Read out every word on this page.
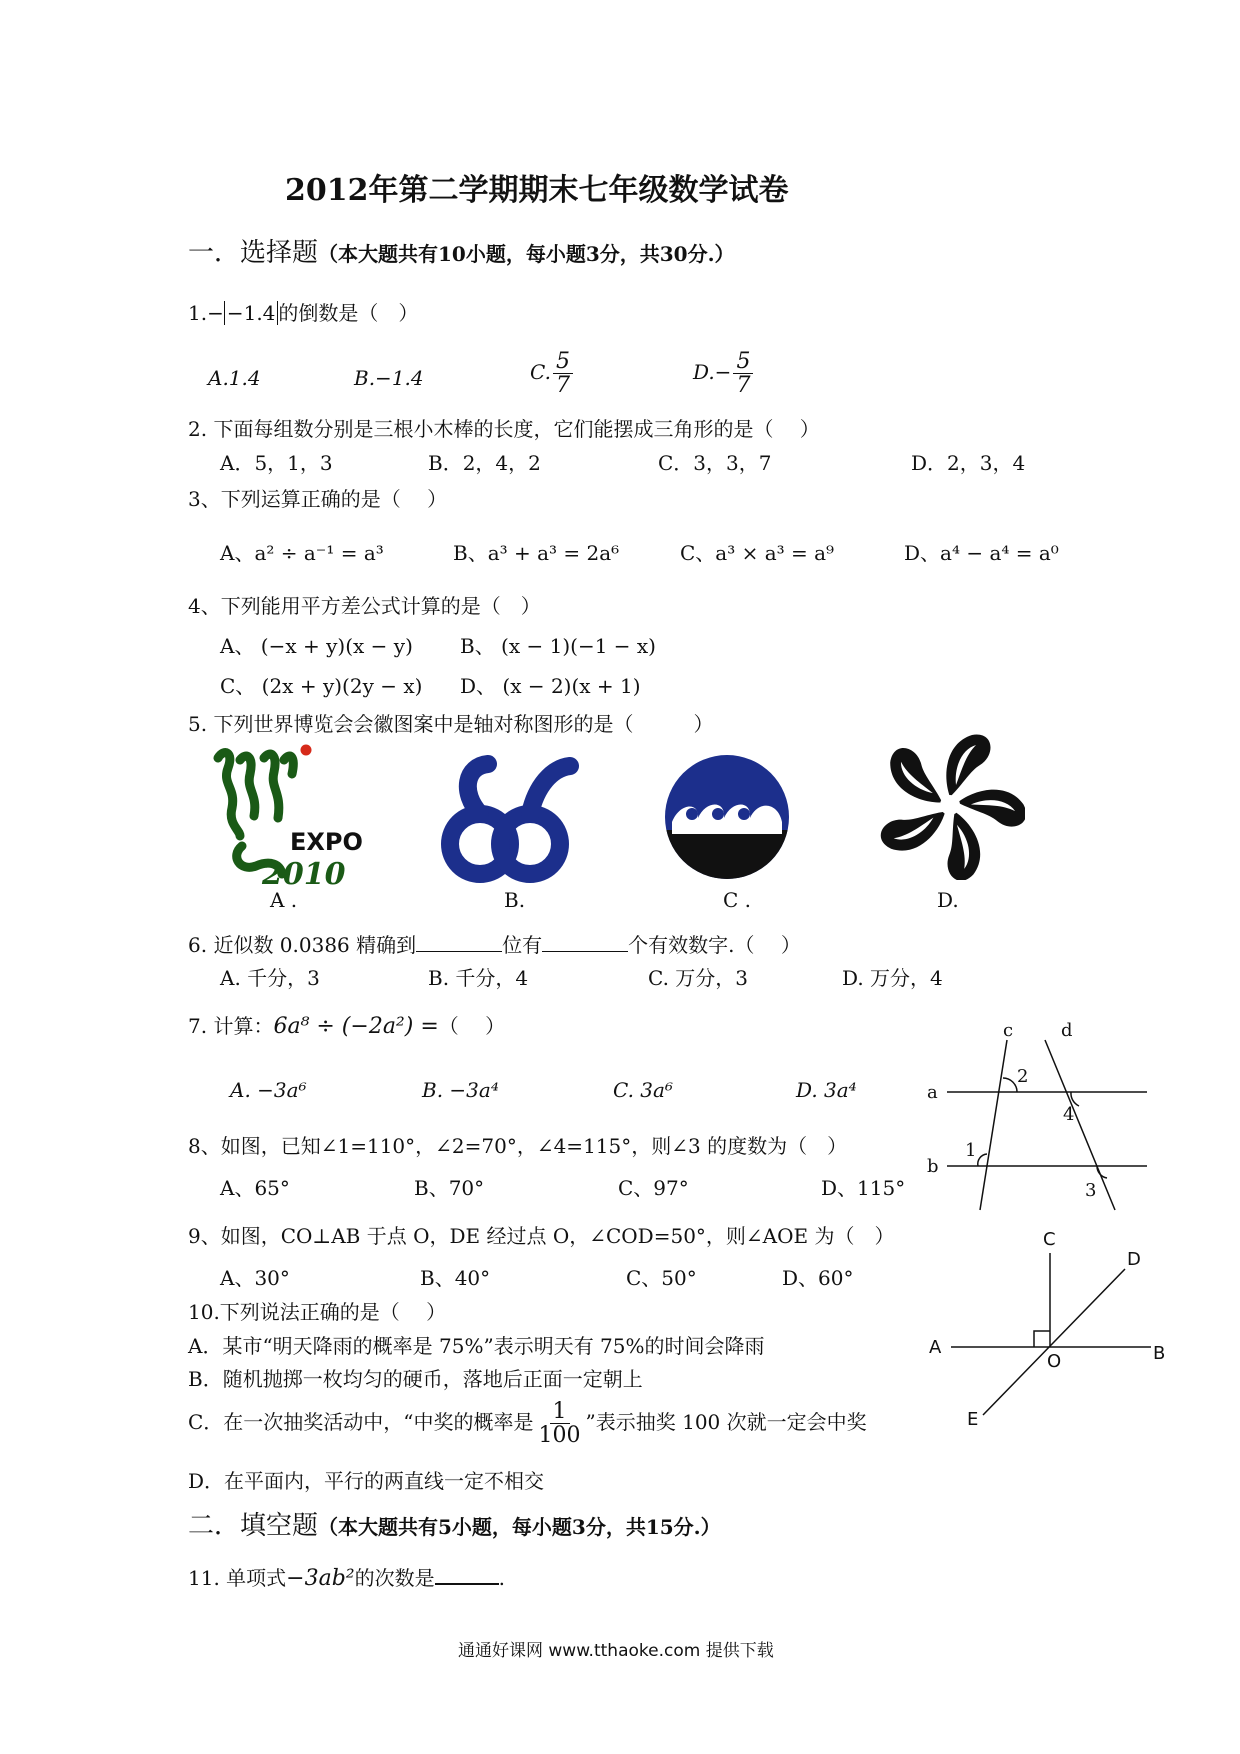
2012年第二学期期末七年级数学试卷
一．选择题（本大题共有10小题，每小题3分，共30分.）
1.− −1.4 的倒数是（　）
A.1.4	B.−1.4	C. $\frac{5}{7}$	$D.- \frac{5}{7}$
2. 下面每组数分别是三根小木棒的长度，它们能摆成三角形的是（　 ）
A．5，1，3	B．2，4，2	C．3，3，7	D．2，3，4
3、下列运算正确的是（　 ）
A、a² ÷ a⁻¹ = a³	B、a³ + a³ = 2a⁶	C、a³ × a³ = a⁹	D、a⁴ − a⁴ = a⁰
4、下列能用平方差公式计算的是（　）
A、 (−x + y)(x − y) B、 (x − 1)(−1 − x)
C、 (2x + y)(2y − x) D、 (x − 2)(x + 1)
5. 下列世界博览会会徽图案中是轴对称图形的是（　　　）
EXPO
2010
A .	B.	C .	D.
6. 近似数 0.0386 精确到	位有	个有效数字.（　 ）
A. 千分，3	B. 千分，4	C. 万分，3	D. 万分，4
7. 计算：6a⁸ ÷ (−2a²) =（　 ）
A. −3a⁶	B. −3a⁴	C. 3a⁶	D. 3a⁴
c	d
a
b
2
4
1
3
8、如图，已知∠1=110°，∠2=70°，∠4=115°，则∠3 的度数为（　）
A、65°	B、70°	C、97°	D、115°
9、如图，CO⊥AB 于点 O，DE 经过点 O，∠COD=50°，则∠AOE 为（　）
A、30°	B、40°	C、50°	D、60°
C
D
A	B
O
E
10.下列说法正确的是（　 ）
A．某市“明天降雨的概率是 75%”表示明天有 75%的时间会降雨
B．随机抛掷一枚均匀的硬币，落地后正面一定朝上
C．在一次抽奖活动中，“中奖的概率是 $\frac{1}{100}$ ”表示抽奖 100 次就一定会中奖
D．在平面内，平行的两直线一定不相交
二．填空题（本大题共有5小题，每小题3分，共15分.）
11. 单项式−3ab²的次数是	.
通通好课网 www.tthaoke.com 提供下载
